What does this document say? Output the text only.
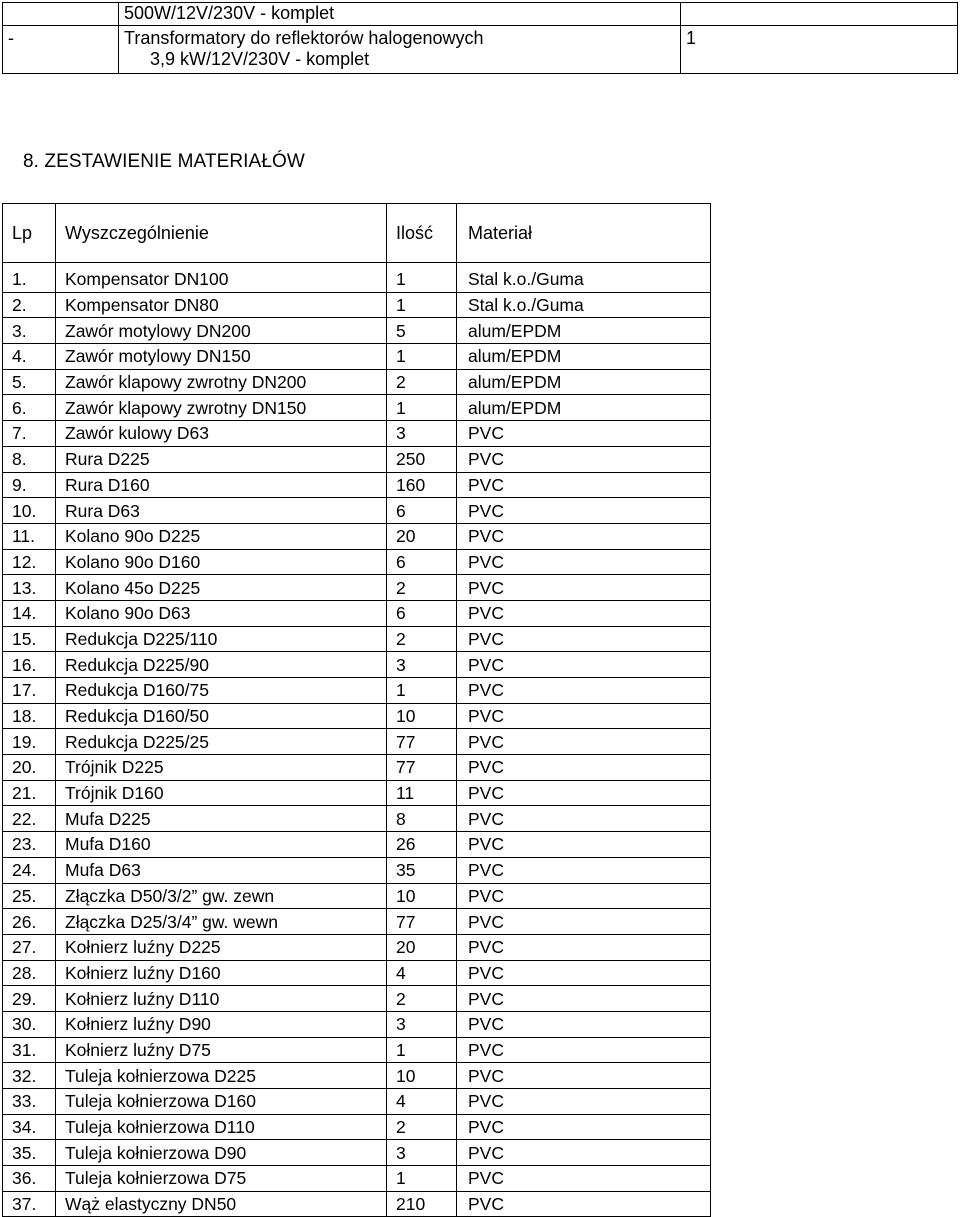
	500W/12V/230V - komplet	
-	Transformatory do reflektorów halogenowych
3,9 kW/12V/230V - komplet	1
8. ZESTAWIENIE MATERIAŁÓW
Lp	Wyszczególnienie	Ilość	Materiał
1.	Kompensator DN100	1	Stal k.o./Guma
2.	Kompensator DN80	1	Stal k.o./Guma
3.	Zawór motylowy DN200	5	alum/EPDM
4.	Zawór motylowy DN150	1	alum/EPDM
5.	Zawór klapowy zwrotny DN200	2	alum/EPDM
6.	Zawór klapowy zwrotny DN150	1	alum/EPDM
7.	Zawór kulowy D63	3	PVC
8.	Rura D225	250	PVC
9.	Rura D160	160	PVC
10.	Rura D63	6	PVC
11.	Kolano 90o D225	20	PVC
12.	Kolano 90o D160	6	PVC
13.	Kolano 45o D225	2	PVC
14.	Kolano 90o D63	6	PVC
15.	Redukcja D225/110	2	PVC
16.	Redukcja D225/90	3	PVC
17.	Redukcja D160/75	1	PVC
18.	Redukcja D160/50	10	PVC
19.	Redukcja D225/25	77	PVC
20.	Trójnik D225	77	PVC
21.	Trójnik D160	11	PVC
22.	Mufa D225	8	PVC
23.	Mufa D160	26	PVC
24.	Mufa D63	35	PVC
25.	Złączka D50/3/2” gw. zewn	10	PVC
26.	Złączka D25/3/4” gw. wewn	77	PVC
27.	Kołnierz luźny D225	20	PVC
28.	Kołnierz luźny D160	4	PVC
29.	Kołnierz luźny D110	2	PVC
30.	Kołnierz luźny D90	3	PVC
31.	Kołnierz luźny D75	1	PVC
32.	Tuleja kołnierzowa D225	10	PVC
33.	Tuleja kołnierzowa D160	4	PVC
34.	Tuleja kołnierzowa D110	2	PVC
35.	Tuleja kołnierzowa D90	3	PVC
36.	Tuleja kołnierzowa D75	1	PVC
37.	Wąż elastyczny DN50	210	PVC
